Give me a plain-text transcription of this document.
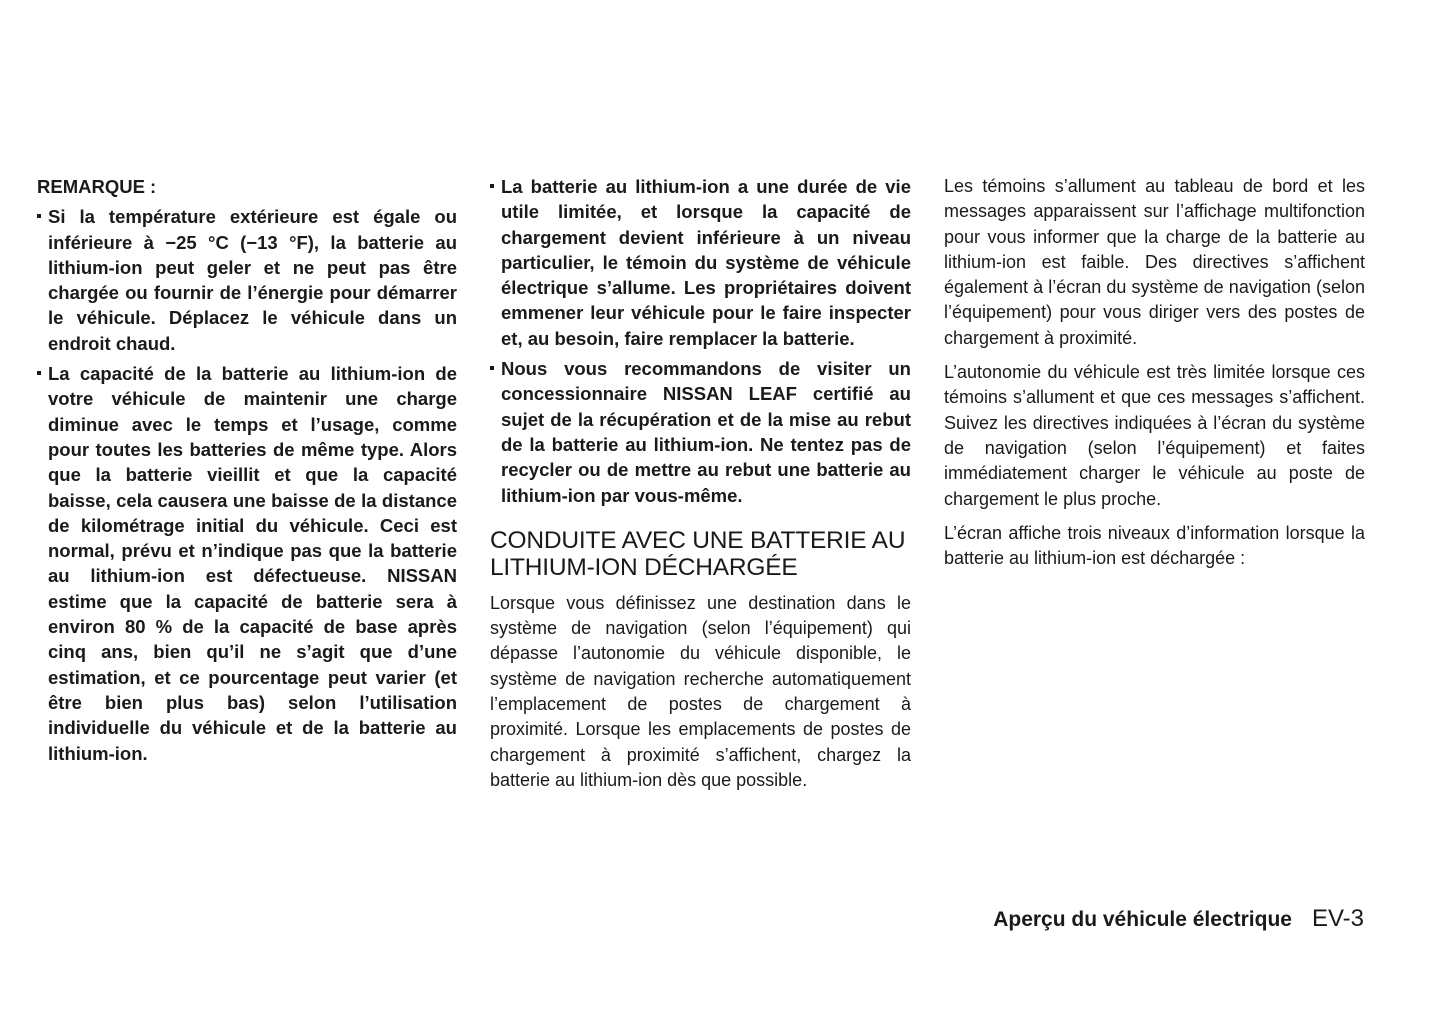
REMARQUE :
Si la température extérieure est égale ou inférieure à −25 °C (−13 °F), la batterie au lithium-ion peut geler et ne peut pas être chargée ou fournir de l’énergie pour démarrer le véhicule. Déplacez le véhicule dans un endroit chaud.
La capacité de la batterie au lithium-ion de votre véhicule de maintenir une charge diminue avec le temps et l’usage, comme pour toutes les batteries de même type. Alors que la batterie vieillit et que la capacité baisse, cela causera une baisse de la distance de kilométrage initial du véhicule. Ceci est normal, prévu et n’indique pas que la batterie au lithium-ion est défectueuse. NISSAN estime que la capacité de batterie sera à environ 80 % de la capacité de base après cinq ans, bien qu’il ne s’agit que d’une estimation, et ce pourcentage peut varier (et être bien plus bas) selon l’utilisation individuelle du véhicule et de la batterie au lithium-ion.
La batterie au lithium-ion a une durée de vie utile limitée, et lorsque la capacité de chargement devient inférieure à un niveau particulier, le témoin du système de véhicule électrique s’allume. Les propriétaires doivent emmener leur véhicule pour le faire inspecter et, au besoin, faire remplacer la batterie.
Nous vous recommandons de visiter un concessionnaire NISSAN LEAF certifié au sujet de la récupération et de la mise au rebut de la batterie au lithium-ion. Ne tentez pas de recycler ou de mettre au rebut une batterie au lithium-ion par vous-même.
CONDUITE AVEC UNE BATTERIE AU
LITHIUM-ION DÉCHARGÉE

Lorsque vous définissez une destination dans le système de navigation (selon l’équipement) qui dépasse l’autonomie du véhicule disponible, le système de navigation recherche automatiquement l’emplacement de postes de chargement à proximité. Lorsque les emplacements de postes de chargement à proximité s’affichent, chargez la batterie au lithium-ion dès que possible.

Les témoins s’allument au tableau de bord et les messages apparaissent sur l’affichage multifonction pour vous informer que la charge de la batterie au lithium-ion est faible. Des directives s’affichent également à l’écran du système de navigation (selon l’équipement) pour vous diriger vers des postes de chargement à proximité.

L’autonomie du véhicule est très limitée lorsque ces témoins s’allument et que ces messages s’affichent. Suivez les directives indiquées à l’écran du système de navigation (selon l’équipement) et faites immédiatement charger le véhicule au poste de chargement le plus proche.

L’écran affiche trois niveaux d’information lorsque la batterie au lithium-ion est déchargée :

Aperçu du véhicule électrique EV-3
